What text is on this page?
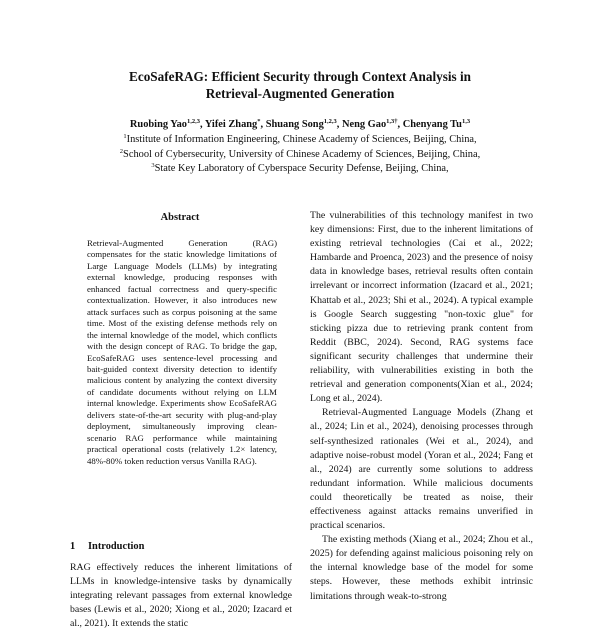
EcoSafeRAG: Efficient Security through Context Analysis in
Retrieval-Augmented Generation
Ruobing Yao$^{1,2,3}$, Yifei Zhang*, Shuang Song$^{1,2,3}$, Neng Gao$^{1,3\dagger}$, Chenyang Tu$^{1,3}$
$^1$Institute of Information Engineering, Chinese Academy of Sciences, Beijing, China,
$^2$School of Cybersecurity, University of Chinese Academy of Sciences, Beijing, China,
$^3$State Key Laboratory of Cyberspace Security Defense, Beijing, China,
Abstract
Retrieval-Augmented Generation (RAG) compensates for the static knowledge limitations of Large Language Models (LLMs) by integrating external knowledge, producing responses with enhanced factual correctness and query-specific contextualization. However, it also introduces new attack surfaces such as corpus poisoning at the same time. Most of the existing defense methods rely on the internal knowledge of the model, which conflicts with the design concept of RAG. To bridge the gap, EcoSafeRAG uses sentence-level processing and bait-guided context diversity detection to identify malicious content by analyzing the context diversity of candidate documents without relying on LLM internal knowledge. Experiments show EcoSafeRAG delivers state-of-the-art security with plug-and-play deployment, simultaneously improving clean-scenario RAG performance while maintaining practical operational costs (relatively 1.2× latency, 48%-80% token reduction versus Vanilla RAG).
1 Introduction
RAG effectively reduces the inherent limitations of LLMs in knowledge-intensive tasks by dynamically integrating relevant passages from external knowledge bases (Lewis et al., 2020; Xiong et al., 2020; Izacard et al., 2021). It extends the static

The vulnerabilities of this technology manifest in two key dimensions: First, due to the inherent limitations of existing retrieval technologies (Cai et al., 2022; Hambarde and Proenca, 2023) and the presence of noisy data in knowledge bases, retrieval results often contain irrelevant or incorrect information (Izacard et al., 2021; Khattab et al., 2023; Shi et al., 2024). A typical example is Google Search suggesting "non-toxic glue" for sticking pizza due to retrieving prank content from Reddit (BBC, 2024). Second, RAG systems face significant security challenges that undermine their reliability, with vulnerabilities existing in both the retrieval and generation components(Xian et al., 2024; Long et al., 2024).

Retrieval-Augmented Language Models (Zhang et al., 2024; Lin et al., 2024), denoising processes through self-synthesized rationales (Wei et al., 2024), and adaptive noise-robust model (Yoran et al., 2024; Fang et al., 2024) are currently some solutions to address redundant information. While malicious documents could theoretically be treated as noise, their effectiveness against attacks remains unverified in practical scenarios.

The existing methods (Xiang et al., 2024; Zhou et al., 2025) for defending against malicious poisoning rely on the internal knowledge base of the model for some steps. However, these methods exhibit intrinsic limitations through weak-to-strong
